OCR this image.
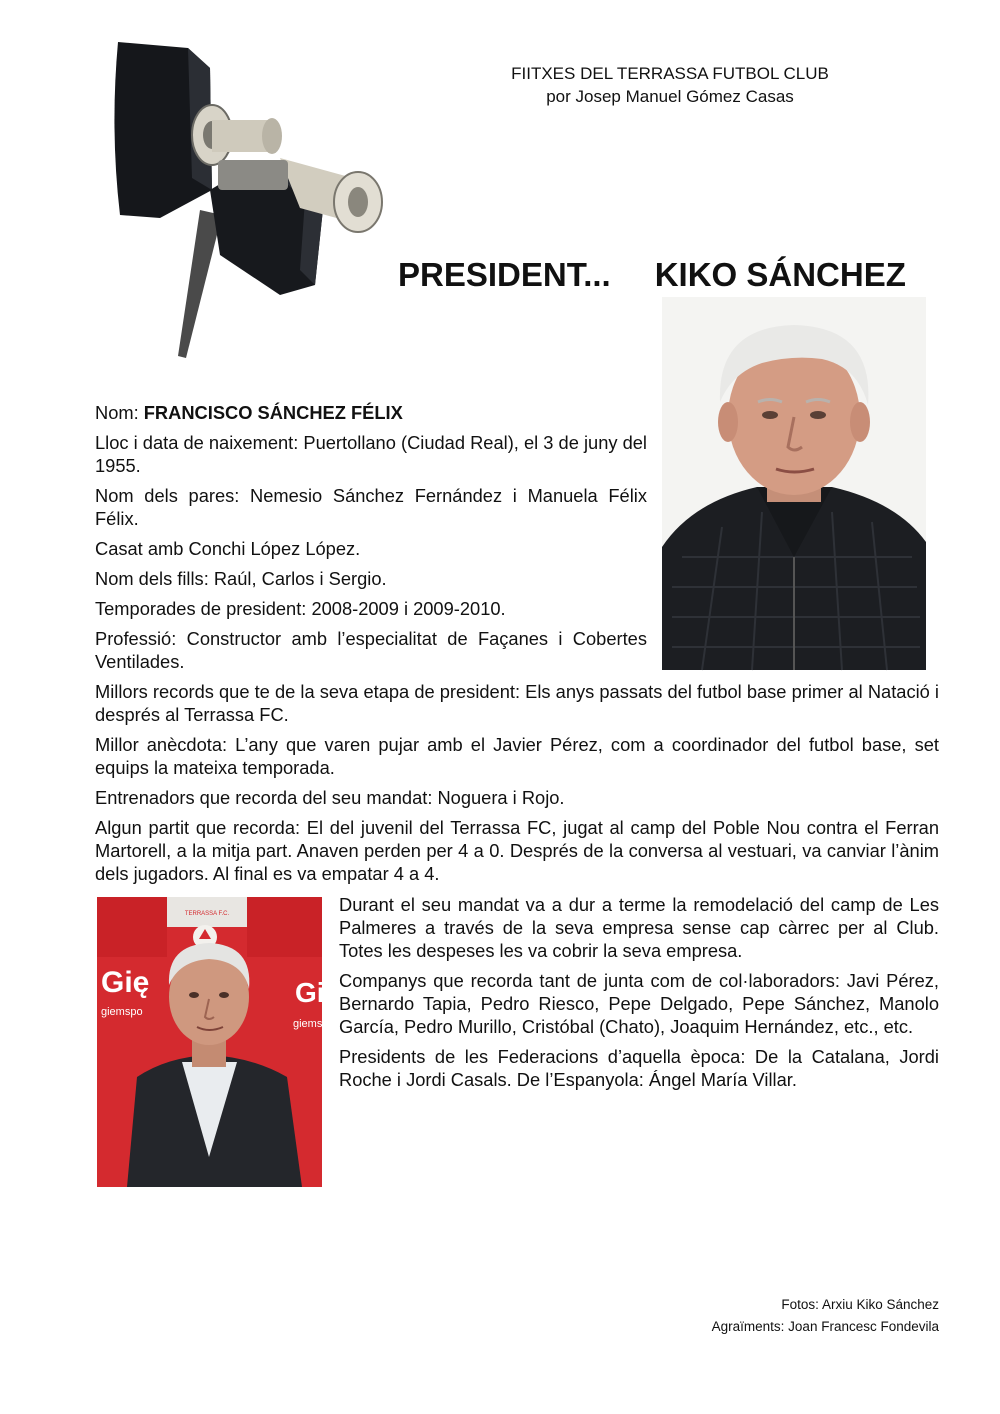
FIITXES DEL TERRASSA FUTBOL CLUB
por Josep Manuel Gómez Casas
PRESIDENT... KIKO SÁNCHEZ

Nom: FRANCISCO SÁNCHEZ FÉLIX

Lloc i data de naixement: Puertollano (Ciudad Real), el 3 de juny del 1955.

Nom dels pares: Nemesio Sánchez Fernández i Manuela Félix Félix.

Casat amb Conchi López López.

Nom dels fills: Raúl, Carlos i Sergio.

Temporades de president: 2008-2009 i 2009-2010.

Professió: Constructor amb l’especialitat de Façanes i Cobertes Ventilades.

Millors records que te de la seva etapa de president: Els anys passats del futbol base primer al Natació i després al Terrassa FC.

Millor anècdota: L’any que varen pujar amb el Javier Pérez, com a coordinador del futbol base, set equips la mateixa temporada.

Entrenadors que recorda del seu mandat: Noguera i Rojo.

Algun partit que recorda: El del juvenil del Terrassa FC, jugat al camp del Poble Nou contra el Ferran Martorell, a la mitja part. Anaven perden per 4 a 0. Després de la conversa al vestuari, va canviar l’ànim dels jugadors. Al final es va empatar 4 a 4.

TERRASSA F.C.
Gię	Gie
giemspo
giemst

Durant el seu mandat va a dur a terme la remodelació del camp de Les Palmeres a través de la seva empresa sense cap càrrec per al Club. Totes les despeses les va cobrir la seva empresa.

Companys que recorda tant de junta com de col·laboradors: Javi Pérez, Bernardo Tapia, Pedro Riesco, Pepe Delgado, Pepe Sánchez, Manolo García, Pedro Murillo, Cristóbal (Chato), Joaquim Hernández, etc., etc.

Presidents de les Federacions d’aquella època: De la Catalana, Jordi Roche i Jordi Casals. De l’Espanyola: Ángel María Villar.

Fotos: Arxiu Kiko Sánchez
Agraïments: Joan Francesc Fondevila
